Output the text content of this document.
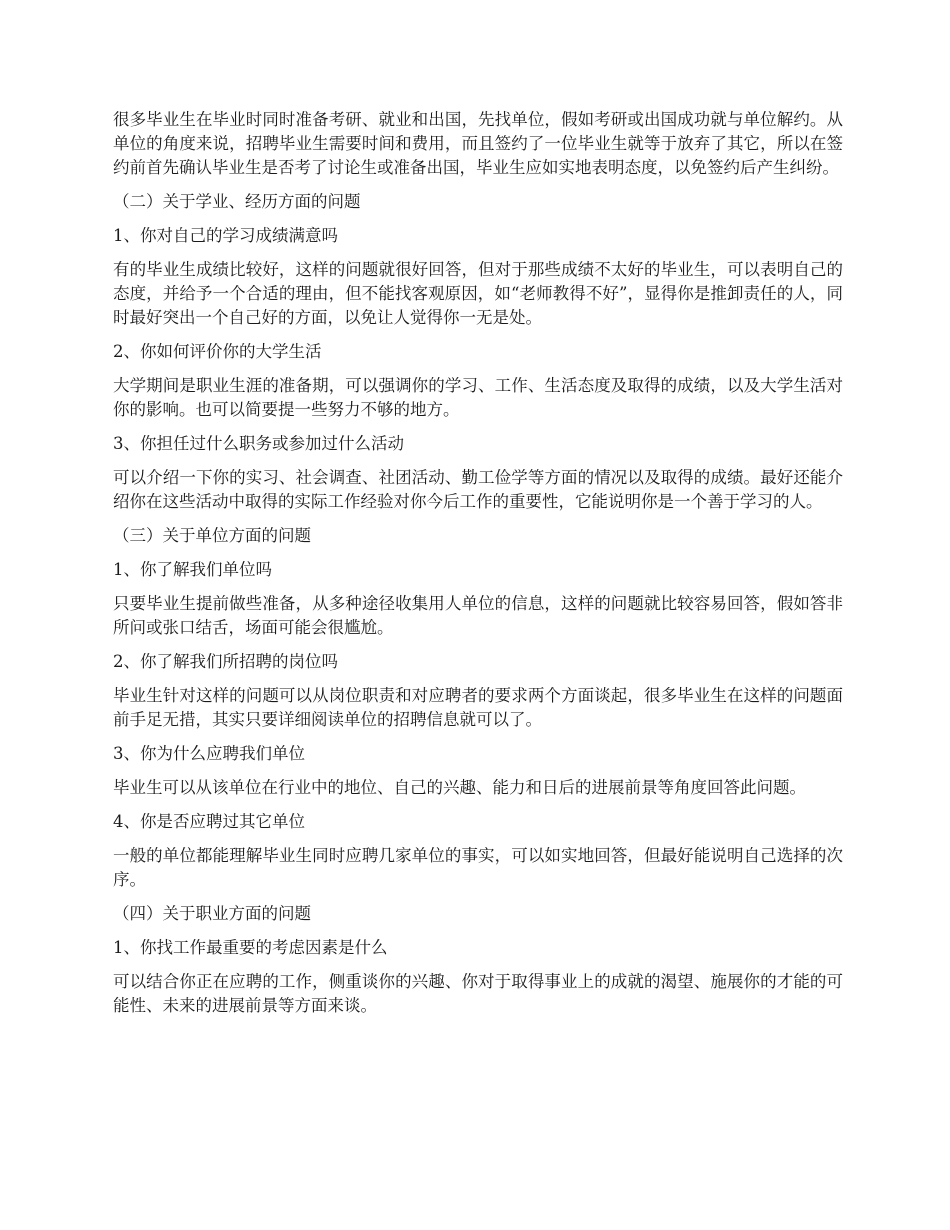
很多毕业生在毕业时同时准备考研、就业和出国，先找单位，假如考研或出国成功就与单位解约。从单位的角度来说，招聘毕业生需要时间和费用，而且签约了一位毕业生就等于放弃了其它，所以在签约前首先确认毕业生是否考了讨论生或准备出国，毕业生应如实地表明态度，以免签约后产生纠纷。

（二）关于学业、经历方面的问题

1、你对自己的学习成绩满意吗

有的毕业生成绩比较好，这样的问题就很好回答，但对于那些成绩不太好的毕业生，可以表明自己的态度，并给予一个合适的理由，但不能找客观原因，如“老师教得不好”，显得你是推卸责任的人，同时最好突出一个自己好的方面，以免让人觉得你一无是处。

2、你如何评价你的大学生活

大学期间是职业生涯的准备期，可以强调你的学习、工作、生活态度及取得的成绩，以及大学生活对你的影响。也可以简要提一些努力不够的地方。

3、你担任过什么职务或参加过什么活动

可以介绍一下你的实习、社会调查、社团活动、勤工俭学等方面的情况以及取得的成绩。最好还能介绍你在这些活动中取得的实际工作经验对你今后工作的重要性，它能说明你是一个善于学习的人。

（三）关于单位方面的问题

1、你了解我们单位吗

只要毕业生提前做些准备，从多种途径收集用人单位的信息，这样的问题就比较容易回答，假如答非所问或张口结舌，场面可能会很尴尬。

2、你了解我们所招聘的岗位吗

毕业生针对这样的问题可以从岗位职责和对应聘者的要求两个方面谈起，很多毕业生在这样的问题面前手足无措，其实只要详细阅读单位的招聘信息就可以了。

3、你为什么应聘我们单位

毕业生可以从该单位在行业中的地位、自己的兴趣、能力和日后的进展前景等角度回答此问题。

4、你是否应聘过其它单位

一般的单位都能理解毕业生同时应聘几家单位的事实，可以如实地回答，但最好能说明自己选择的次序。

（四）关于职业方面的问题

1、你找工作最重要的考虑因素是什么

可以结合你正在应聘的工作，侧重谈你的兴趣、你对于取得事业上的成就的渴望、施展你的才能的可能性、未来的进展前景等方面来谈。
